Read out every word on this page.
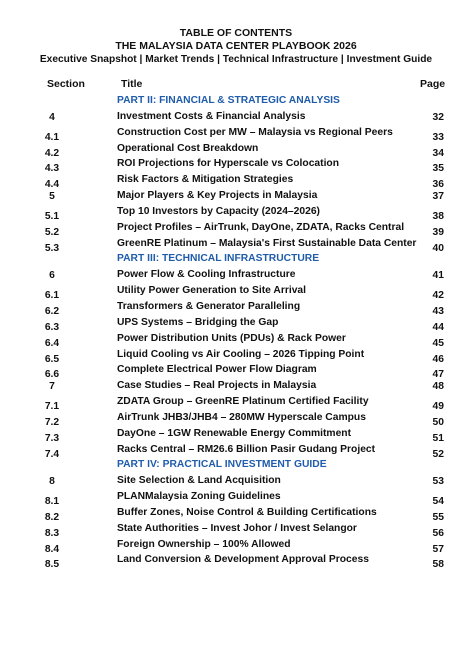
TABLE OF CONTENTS
THE MALAYSIA DATA CENTER PLAYBOOK 2026
Executive Snapshot | Market Trends | Technical Infrastructure | Investment Guide
Section	Title	Page
PART II: FINANCIAL & STRATEGIC ANALYSIS
4	Investment Costs & Financial Analysis	32
4.1	Construction Cost per MW – Malaysia vs Regional Peers	33
4.2	Operational Cost Breakdown	34
4.3	ROI Projections for Hyperscale vs Colocation	35
4.4	Risk Factors & Mitigation Strategies	36
5	Major Players & Key Projects in Malaysia	37
5.1	Top 10 Investors by Capacity (2024–2026)	38
5.2	Project Profiles – AirTrunk, DayOne, ZDATA, Racks Central	39
5.3	GreenRE Platinum – Malaysia's First Sustainable Data Center	40
PART III: TECHNICAL INFRASTRUCTURE
6	Power Flow & Cooling Infrastructure	41
6.1	Utility Power Generation to Site Arrival	42
6.2	Transformers & Generator Paralleling	43
6.3	UPS Systems – Bridging the Gap	44
6.4	Power Distribution Units (PDUs) & Rack Power	45
6.5	Liquid Cooling vs Air Cooling – 2026 Tipping Point	46
6.6	Complete Electrical Power Flow Diagram	47
7	Case Studies – Real Projects in Malaysia	48
7.1	ZDATA Group – GreenRE Platinum Certified Facility	49
7.2	AirTrunk JHB3/JHB4 – 280MW Hyperscale Campus	50
7.3	DayOne – 1GW Renewable Energy Commitment	51
7.4	Racks Central – RM26.6 Billion Pasir Gudang Project	52
PART IV: PRACTICAL INVESTMENT GUIDE
8	Site Selection & Land Acquisition	53
8.1	PLANMalaysia Zoning Guidelines	54
8.2	Buffer Zones, Noise Control & Building Certifications	55
8.3	State Authorities – Invest Johor / Invest Selangor	56
8.4	Foreign Ownership – 100% Allowed	57
8.5	Land Conversion & Development Approval Process	58
